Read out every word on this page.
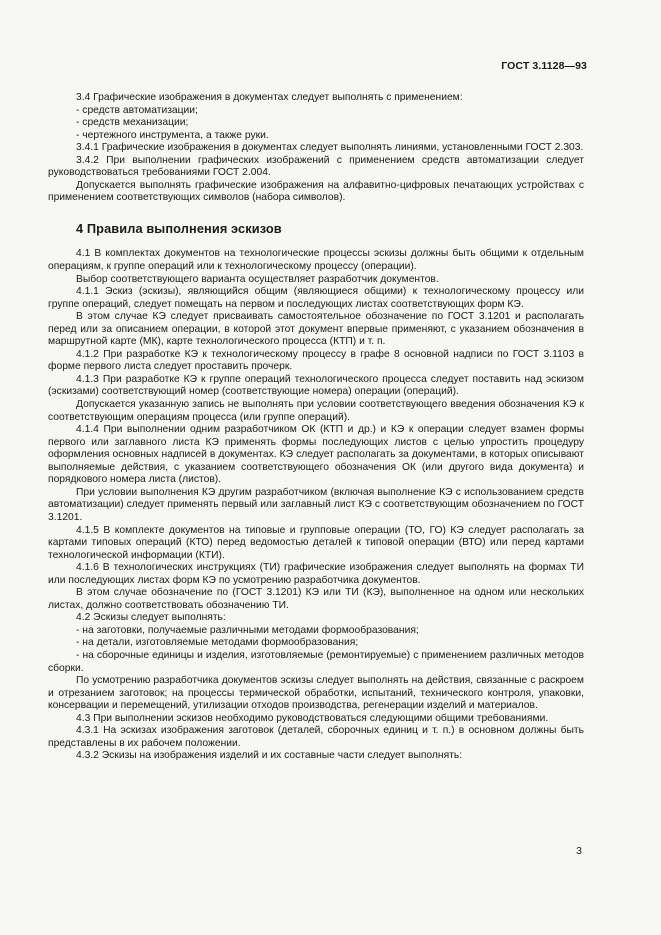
ГОСТ 3.1128—93

3.4 Графические изображения в документах следует выполнять с применением:

- средств автоматизации;

- средств механизации;

- чертежного инструмента, а также руки.

3.4.1 Графические изображения в документах следует выполнять линиями, установленными ГОСТ 2.303.

3.4.2 При выполнении графических изображений с применением средств автоматизации следует руководствоваться требованиями ГОСТ 2.004.

Допускается выполнять графические изображения на алфавитно-цифровых печатающих устройствах с применением соответствующих символов (набора символов).

4 Правила выполнения эскизов

4.1 В комплектах документов на технологические процессы эскизы должны быть общими к отдельным операциям, к группе операций или к технологическому процессу (операции).

Выбор соответствующего варианта осуществляет разработчик документов.

4.1.1 Эскиз (эскизы), являющийся общим (являющиеся общими) к технологическому процессу или группе операций, следует помещать на первом и последующих листах соответствующих форм КЭ.

В этом случае КЭ следует присваивать самостоятельное обозначение по ГОСТ 3.1201 и располагать перед или за описанием операции, в которой этот документ впервые применяют, с указанием обозначения в маршрутной карте (МК), карте технологического процесса (КТП) и т. п.

4.1.2 При разработке КЭ к технологическому процессу в графе 8 основной надписи по ГОСТ 3.1103 в форме первого листа следует проставить прочерк.

4.1.3 При разработке КЭ к группе операций технологического процесса следует поставить над эскизом (эскизами) соответствующий номер (соответствующие номера) операции (операций).

Допускается указанную запись не выполнять при условии соответствующего введения обозначения КЭ к соответствующим операциям процесса (или группе операций).

4.1.4 При выполнении одним разработчиком ОК (КТП и др.) и КЭ к операции следует взамен формы первого или заглавного листа КЭ применять формы последующих листов с целью упростить процедуру оформления основных надписей в документах. КЭ следует располагать за документами, в которых описывают выполняемые действия, с указанием соответствующего обозначения ОК (или другого вида документа) и порядкового номера листа (листов).

При условии выполнения КЭ другим разработчиком (включая выполнение КЭ с использованием средств автоматизации) следует применять первый или заглавный лист КЭ с соответствующим обозначением по ГОСТ 3.1201.

4.1.5 В комплекте документов на типовые и групповые операции (ТО, ГО) КЭ следует располагать за картами типовых операций (КТО) перед ведомостью деталей к типовой операции (ВТО) или перед картами технологической информации (КТИ).

4.1.6 В технологических инструкциях (ТИ) графические изображения следует выполнять на формах ТИ или последующих листах форм КЭ по усмотрению разработчика документов.

В этом случае обозначение по (ГОСТ 3.1201) КЭ или ТИ (КЭ), выполненное на одном или нескольких листах, должно соответствовать обозначению ТИ.

4.2 Эскизы следует выполнять:

- на заготовки, получаемые различными методами формообразования;

- на детали, изготовляемые методами формообразования;

- на сборочные единицы и изделия, изготовляемые (ремонтируемые) с применением различных методов сборки.

По усмотрению разработчика документов эскизы следует выполнять на действия, связанные с раскроем и отрезанием заготовок; на процессы термической обработки, испытаний, технического контроля, упаковки, консервации и перемещений, утилизации отходов производства, регенерации изделий и материалов.

4.3 При выполнении эскизов необходимо руководствоваться следующими общими требованиями.

4.3.1 На эскизах изображения заготовок (деталей, сборочных единиц и т. п.) в основном должны быть представлены в их рабочем положении.

4.3.2 Эскизы на изображения изделий и их составные части следует выполнять:

3
